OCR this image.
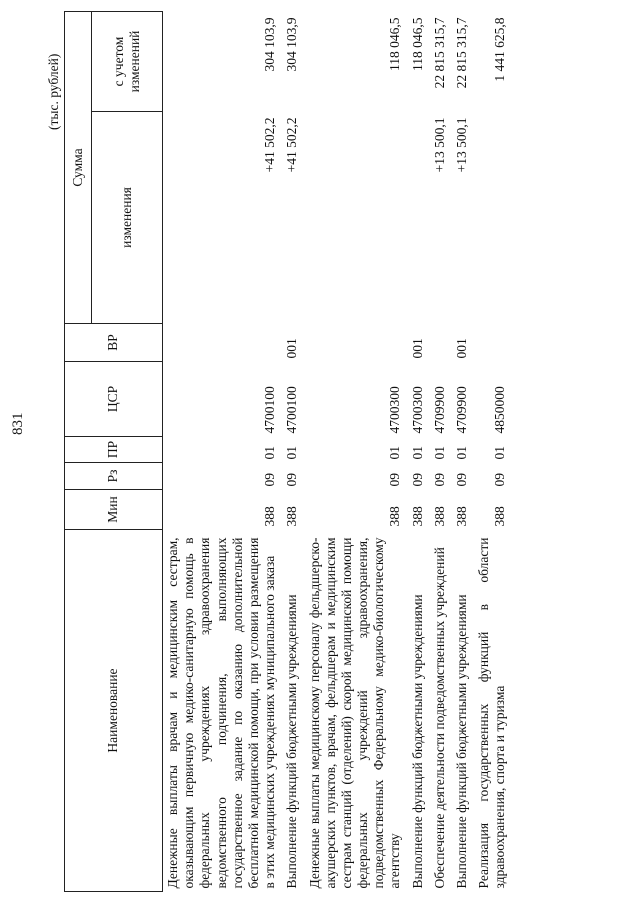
831
(тыс. рублей)
Наименование	Мин	Рз	ПР	ЦСР	ВР	Сумма	
						изменения	с учетом изменений
Денежные выплаты врачам и медицинским сестрам, оказывающим первичную медико-санитарную помощь в федеральных учреждениях здравоохранения ведомственного подчинения, выполняющих государственное задание по оказанию дополнительной бесплатной медицинской помощи, при условии размещения в этих медицинских учреждениях муниципального заказа	388	09	01	4700100		+41 502,2	304 103,9
Выполнение функций бюджетными учреждениями	388	09	01	4700100	001	+41 502,2	304 103,9
Денежные выплаты медицинскому персоналу фельдшерско-акушерских пунктов, врачам, фельдшерам и медицинским сестрам станций (отделений) скорой медицинской помощи федеральных учреждений здравоохранения, подведомственных Федеральному медико-биологическому агентству	388	09	01	4700300			118 046,5
Выполнение функций бюджетными учреждениями	388	09	01	4700300	001		118 046,5
Обеспечение деятельности подведомственных учреждений	388	09	01	4709900		+13 500,1	22 815 315,7
Выполнение функций бюджетными учреждениями	388	09	01	4709900	001	+13 500,1	22 815 315,7
Реализация государственных функций в области здравоохранения, спорта и туризма	388	09	01	4850000			1 441 625,8
